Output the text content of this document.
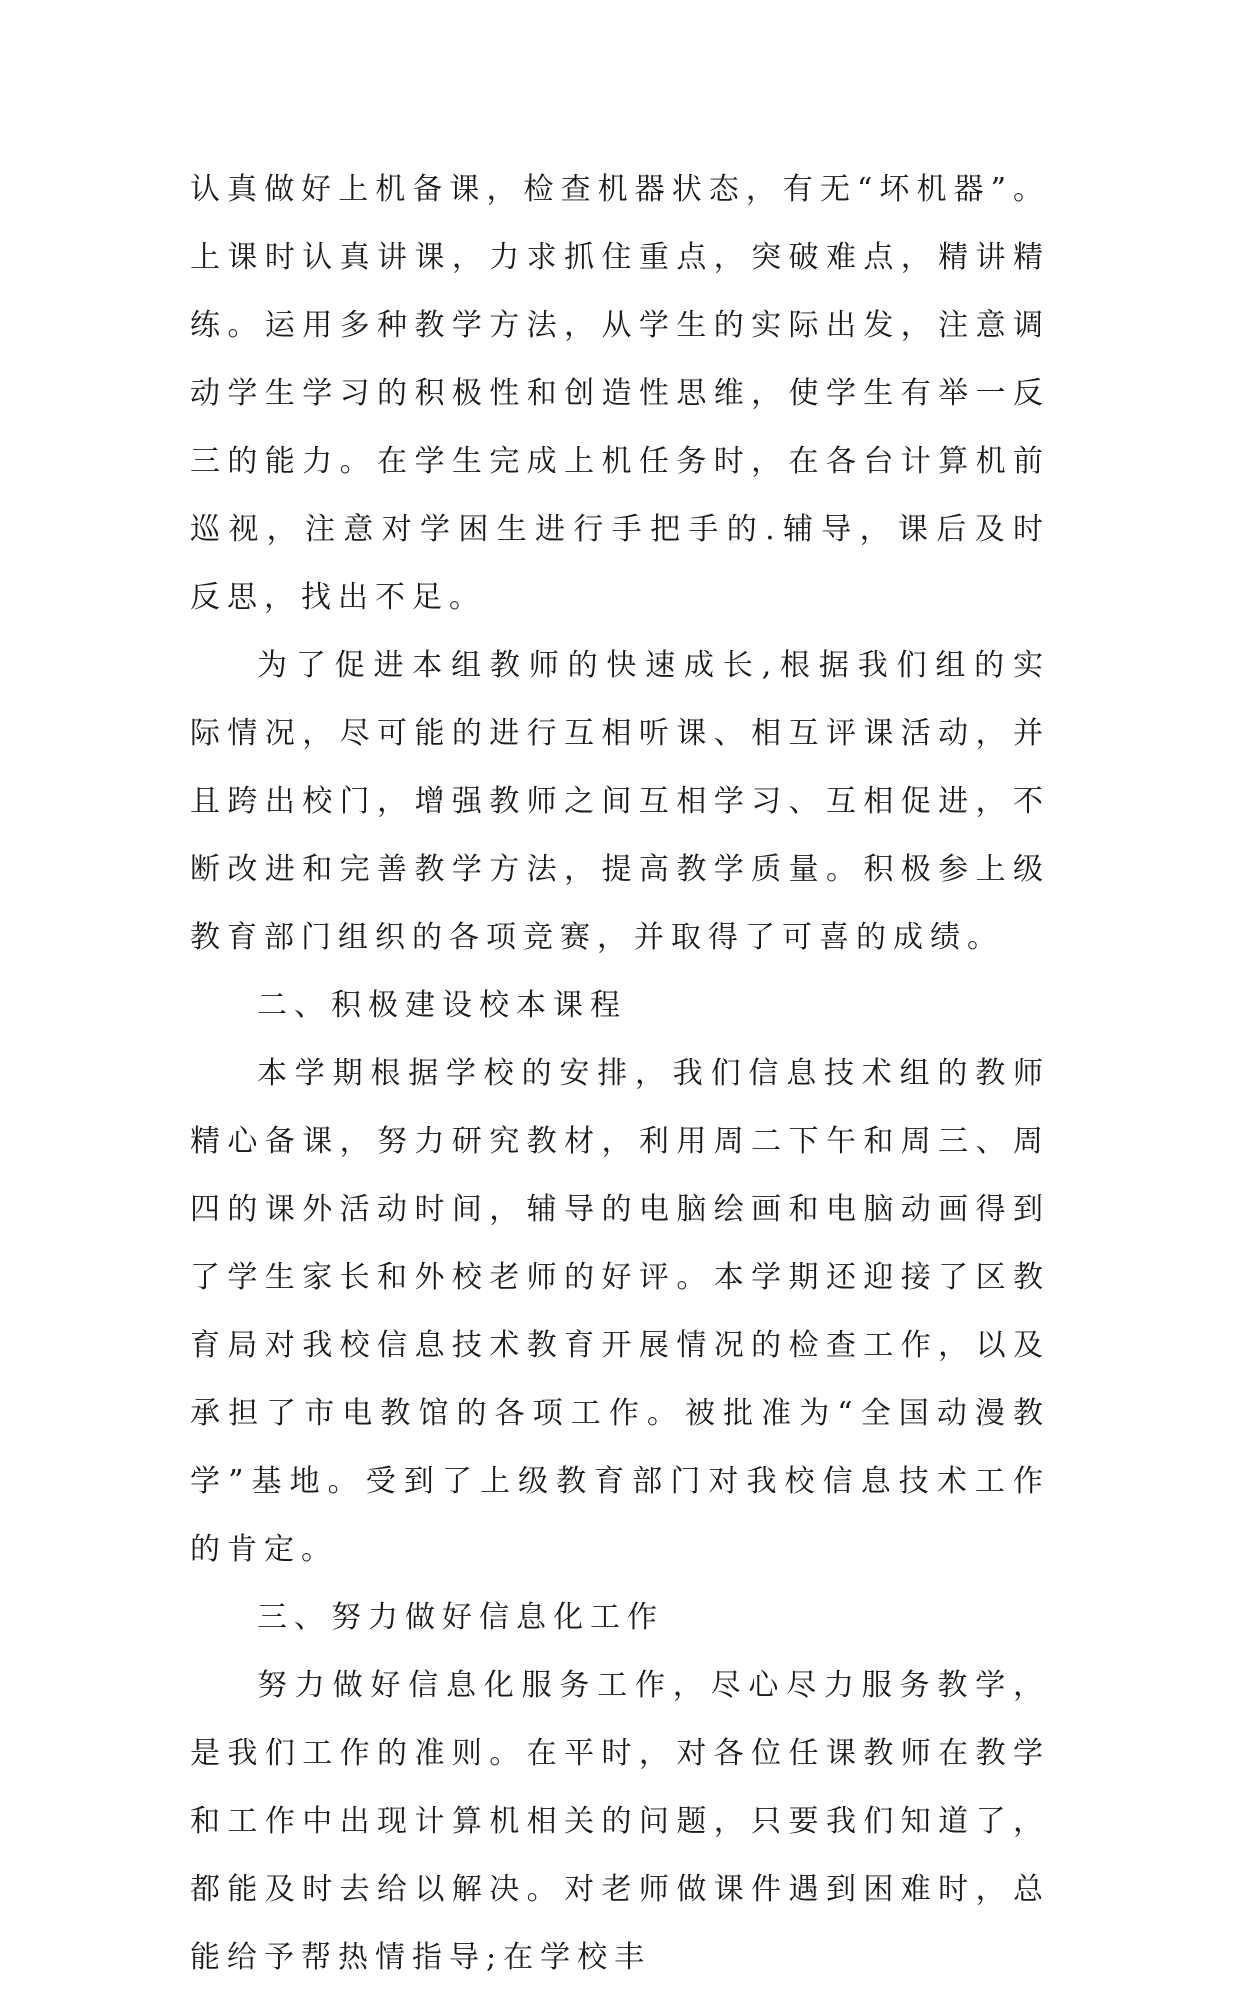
认真做好上机备课，检查机器状态，有无“坏机器”。上课时认真讲课，力求抓住重点，突破难点，精讲精练。运用多种教学方法，从学生的实际出发，注意调动学生学习的积极性和创造性思维，使学生有举一反三的能力。在学生完成上机任务时，在各台计算机前巡视，注意对学困生进行手把手的.辅导，课后及时反思，找出不足。

为了促进本组教师的快速成长,根据我们组的实际情况，尽可能的进行互相听课、相互评课活动，并且跨出校门，增强教师之间互相学习、互相促进，不断改进和完善教学方法，提高教学质量。积极参上级教育部门组织的各项竞赛，并取得了可喜的成绩。

二、积极建设校本课程

本学期根据学校的安排，我们信息技术组的教师精心备课，努力研究教材，利用周二下午和周三、周四的课外活动时间，辅导的电脑绘画和电脑动画得到了学生家长和外校老师的好评。本学期还迎接了区教育局对我校信息技术教育开展情况的检查工作，以及承担了市电教馆的各项工作。被批准为“全国动漫教学”基地。受到了上级教育部门对我校信息技术工作的肯定。

三、努力做好信息化工作

努力做好信息化服务工作，尽心尽力服务教学，是我们工作的准则。在平时，对各位任课教师在教学和工作中出现计算机相关的问题，只要我们知道了，都能及时去给以解决。对老师做课件遇到困难时，总能给予帮热情指导;在学校丰
